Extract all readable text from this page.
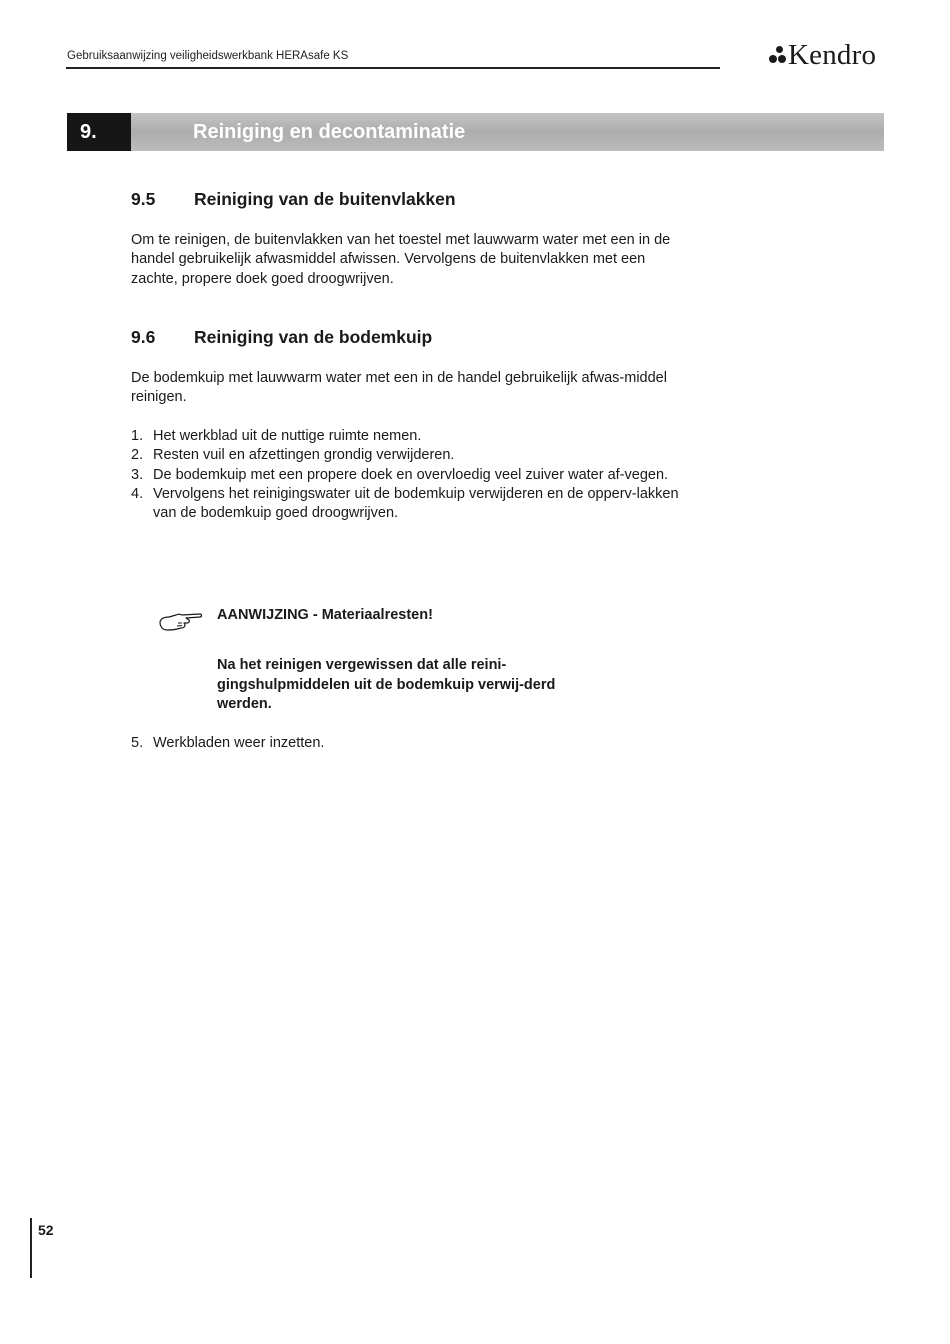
Gebruiksaanwijzing veiligheidswerkbank HERAsafe KS	Kendro
9.	Reiniging en decontaminatie
9.5 Reiniging van de buitenvlakken

Om te reinigen, de buitenvlakken van het toestel met lauwwarm water met een in de handel gebruikelijk afwasmiddel afwissen. Vervolgens de buitenvlakken met een zachte, propere doek goed droogwrijven.

9.6 Reiniging van de bodemkuip

De bodemkuip met lauwwarm water met een in de handel gebruikelijk afwas-middel reinigen.

1. Het werkblad uit de nuttige ruimte nemen.
2. Resten vuil en afzettingen grondig verwijderen.
3. De bodemkuip met een propere doek en overvloedig veel zuiver water af-vegen.
4. Vervolgens het reinigingswater uit de bodemkuip verwijderen en de opperv-lakken van de bodemkuip goed droogwrijven.
AANWIJZING - Materiaalresten!

Na het reinigen vergewissen dat alle reini-gingshulpmiddelen uit de bodemkuip verwij-derd werden.

5. Werkbladen weer inzetten.
52
